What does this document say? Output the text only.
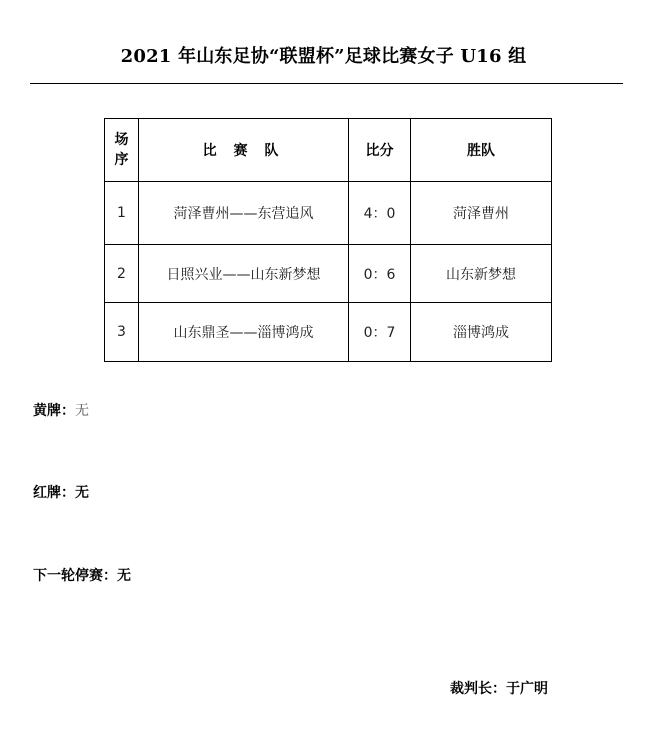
2021 年山东足协“联盟杯”足球比赛女子 U16 组
场
序	比 赛 队	比分	胜队
1	菏泽曹州——东营追风	4：0	菏泽曹州
2	日照兴业——山东新梦想	0：6	山东新梦想
3	山东鼎圣——淄博鸿成	0：7	淄博鸿成
黄牌：无
红牌：无
下一轮停赛：无
裁判长：于广明
